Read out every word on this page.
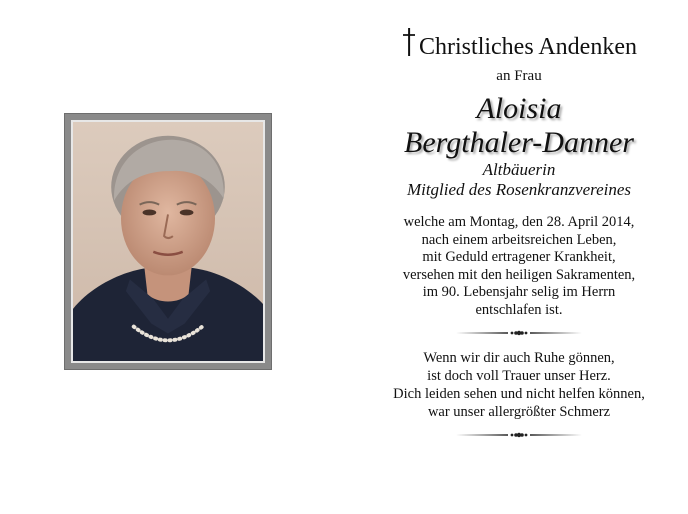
Christliches Andenken
an Frau
Aloisia
Bergthaler-Danner
Altbäuerin
Mitglied des Rosenkranzvereines
welche am Montag, den 28. April 2014,
nach einem arbeitsreichen Leben,
mit Geduld ertragener Krankheit,
versehen mit den heiligen Sakramenten,
im 90. Lebensjahr selig im Herrn
entschlafen ist.
Wenn wir dir auch Ruhe gönnen,
ist doch voll Trauer unser Herz.
Dich leiden sehen und nicht helfen können,
war unser allergrößter Schmerz
